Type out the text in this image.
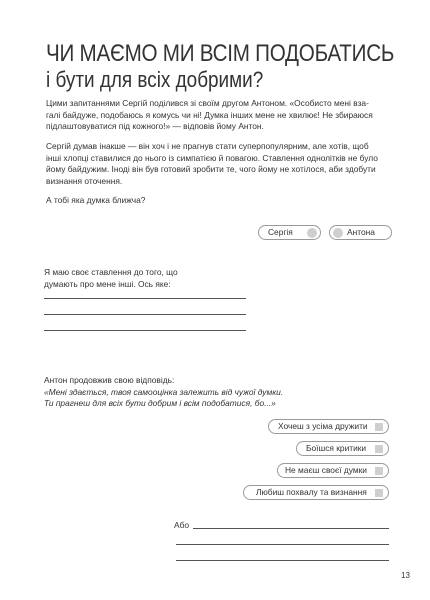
ЧИ МАЄМО МИ ВСІМ ПОДОБАТИСЬ
і бути для всіх добрими?

Цими запитаннями Сергій поділився зі своїм другом Антоном. «Особисто мені вза-

галі байдуже, подобаюсь я комусь чи ні! Думка інших мене не хвилює! Не збираюся

підлаштовуватися під кожного!» — відповів йому Антон.

Сергій думав інакше — він хоч і не прагнув стати суперпопулярним, але хотів, щоб

інші хлопці ставилися до нього із симпатією й повагою. Ставлення однолітків не було

йому байдужим. Іноді він був готовий зробити те, чого йому не хотілося, аби здобути

визнання оточення.

А тобі яка думка ближча?
Сергія	Антона

Я маю своє ставлення до того, що

думають про мене інші. Ось яке:

Антон продовжив свою відповідь:

«Мені здається, твоя самооцінка залежить від чужої думки.

Ти прагнеш для всіх бути добрим і всім подобатися, бо...»

Хочеш з усіма дружити
Боїшся критики
Не маєш своєї думки
Любиш похвалу та визнання
Або
13
